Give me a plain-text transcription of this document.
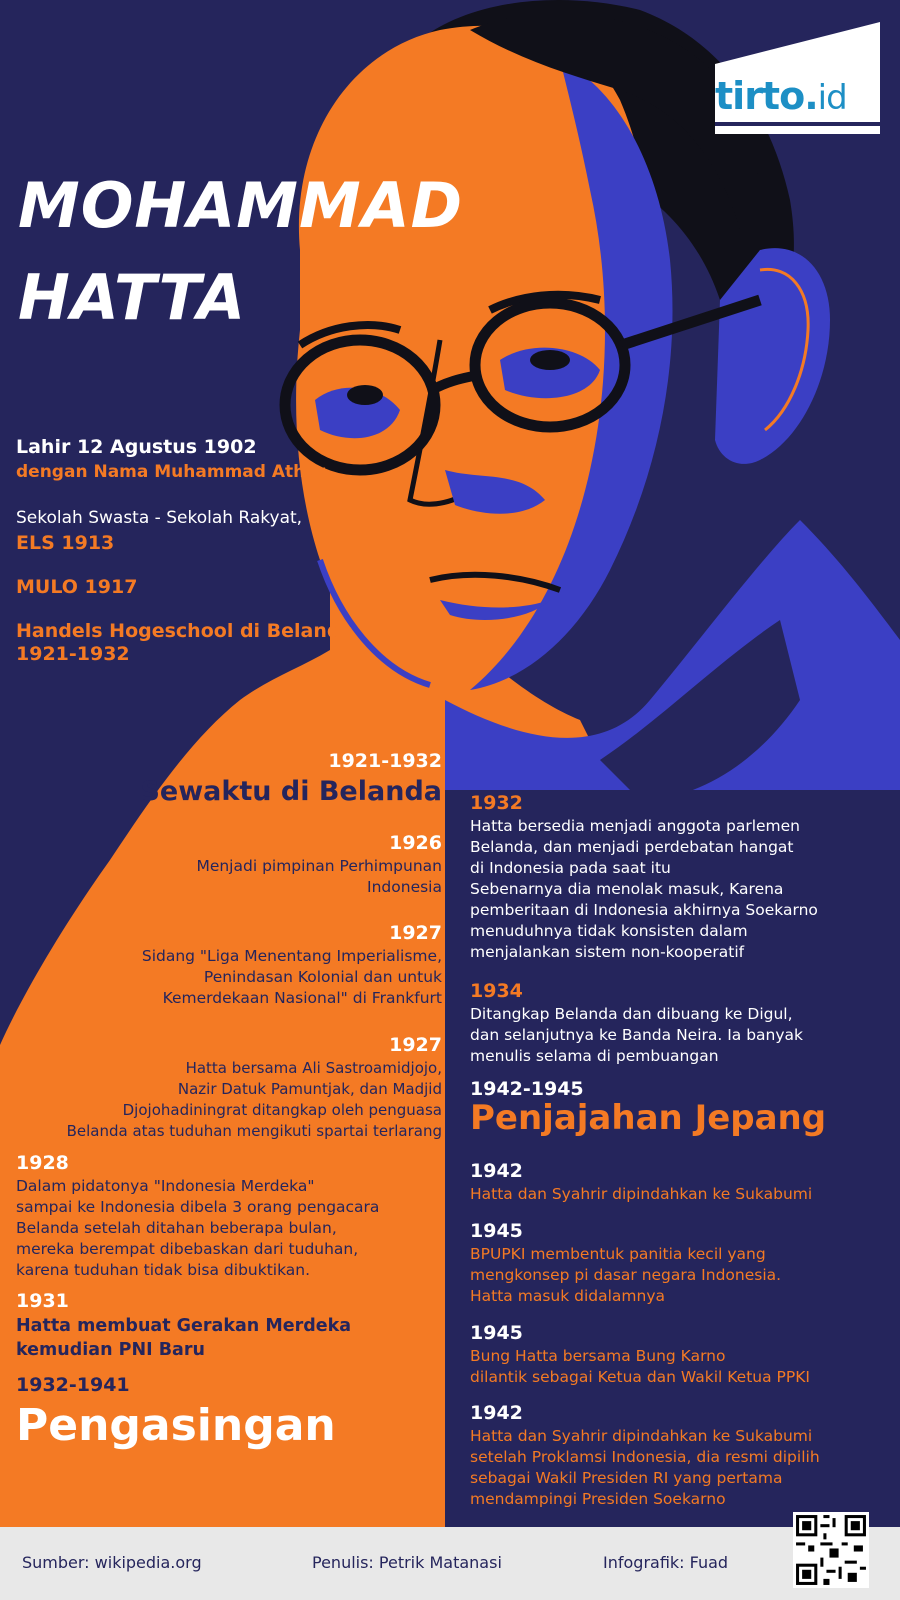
tirto.id
MOHAMMAD
HATTA
Lahir 12 Agustus 1902
dengan Nama Muhammad Athar
Sekolah Swasta - Sekolah Rakyat,
ELS 1913
MULO 1917
Handels Hogeschool di Belanda
1921-1932
1921-1932
Sewaktu di Belanda
1926
Menjadi pimpinan Perhimpunan
Indonesia
1927
Sidang "Liga Menentang Imperialisme,
Penindasan Kolonial dan untuk
Kemerdekaan Nasional" di Frankfurt
1927
Hatta bersama Ali Sastroamidjojo,
Nazir Datuk Pamuntjak, dan Madjid
Djojohadiningrat ditangkap oleh penguasa
Belanda atas tuduhan mengikuti spartai terlarang
1928
Dalam pidatonya "Indonesia Merdeka"
sampai ke Indonesia dibela 3 orang pengacara
Belanda setelah ditahan beberapa bulan,
mereka berempat dibebaskan dari tuduhan,
karena tuduhan tidak bisa dibuktikan.
1931
Hatta membuat Gerakan Merdeka
kemudian PNI Baru
1932-1941
Pengasingan
1932
Hatta bersedia menjadi anggota parlemen
Belanda, dan menjadi perdebatan hangat
di Indonesia pada saat itu
Sebenarnya dia menolak masuk, Karena
pemberitaan di Indonesia akhirnya Soekarno
menuduhnya tidak konsisten dalam
menjalankan sistem non-kooperatif
1934
Ditangkap Belanda dan dibuang ke Digul,
dan selanjutnya ke Banda Neira. Ia banyak
menulis selama di pembuangan
1942-1945
Penjajahan Jepang
1942
Hatta dan Syahrir dipindahkan ke Sukabumi
1945
BPUPKI membentuk panitia kecil yang
mengkonsep pi dasar negara Indonesia.
Hatta masuk didalamnya
1945
Bung Hatta bersama Bung Karno
dilantik sebagai Ketua dan Wakil Ketua PPKI
1942
Hatta dan Syahrir dipindahkan ke Sukabumi
setelah Proklamsi Indonesia, dia resmi dipilih
sebagai Wakil Presiden RI yang pertama
mendampingi Presiden Soekarno
Sumber: wikipedia.org	Penulis: Petrik Matanasi	Infografik: Fuad
